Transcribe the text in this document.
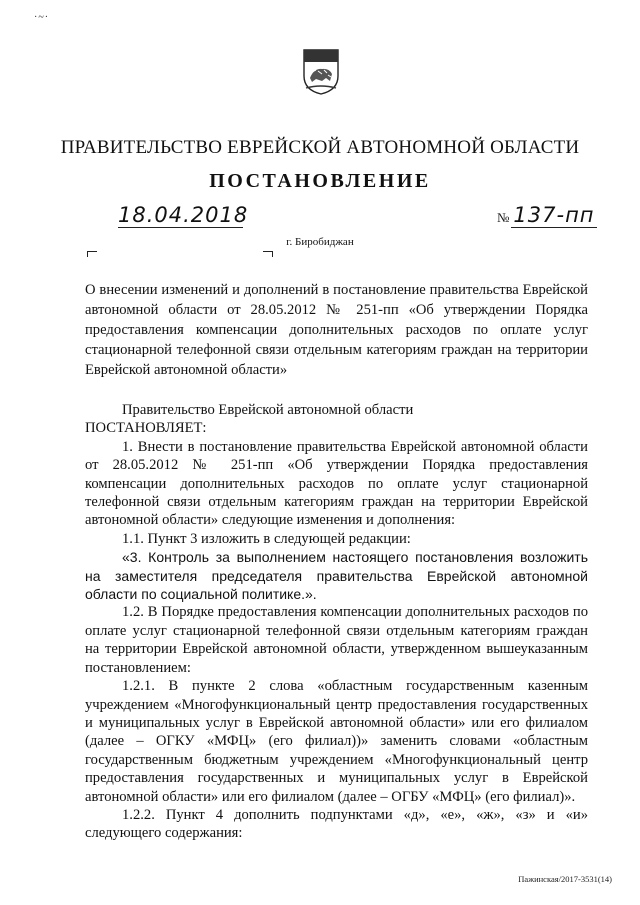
·~·
ПРАВИТЕЛЬСТВО ЕВРЕЙСКОЙ АВТОНОМНОЙ ОБЛАСТИ
ПОСТАНОВЛЕНИЕ
18.04.2018	№ 137-пп
г. Биробиджан
О внесении изменений и дополнений в постановление правительства Еврейской автономной области от 28.05.2012 № 251-пп «Об утверждении Порядка предоставления компенсации дополнительных расходов по оплате услуг стационарной телефонной связи отдельным категориям граждан на территории Еврейской автономной области»

Правительство Еврейской автономной области

ПОСТАНОВЛЯЕТ:

1. Внести в постановление правительства Еврейской автономной области от 28.05.2012 № 251-пп «Об утверждении Порядка предоставления компенсации дополнительных расходов по оплате услуг стационарной телефонной связи отдельным категориям граждан на территории Еврейской автономной области» следующие изменения и дополнения:

1.1. Пункт 3 изложить в следующей редакции:

«3. Контроль за выполнением настоящего постановления возложить на заместителя председателя правительства Еврейской автономной области по социальной политике.».

1.2. В Порядке предоставления компенсации дополнительных расходов по оплате услуг стационарной телефонной связи отдельным категориям граждан на территории Еврейской автономной области, утвержденном вышеуказанным постановлением:

1.2.1. В пункте 2 слова «областным государственным казенным учреждением «Многофункциональный центр предоставления государственных и муниципальных услуг в Еврейской автономной области» или его филиалом (далее – ОГКУ «МФЦ» (его филиал))» заменить словами «областным государственным бюджетным учреждением «Многофункциональный центр предоставления государственных и муниципальных услуг в Еврейской автономной области» или его филиалом (далее – ОГБУ «МФЦ» (его филиал)».

1.2.2. Пункт 4 дополнить подпунктами «д», «е», «ж», «з» и «и» следующего содержания:

Пажинская/2017-3531(14)
